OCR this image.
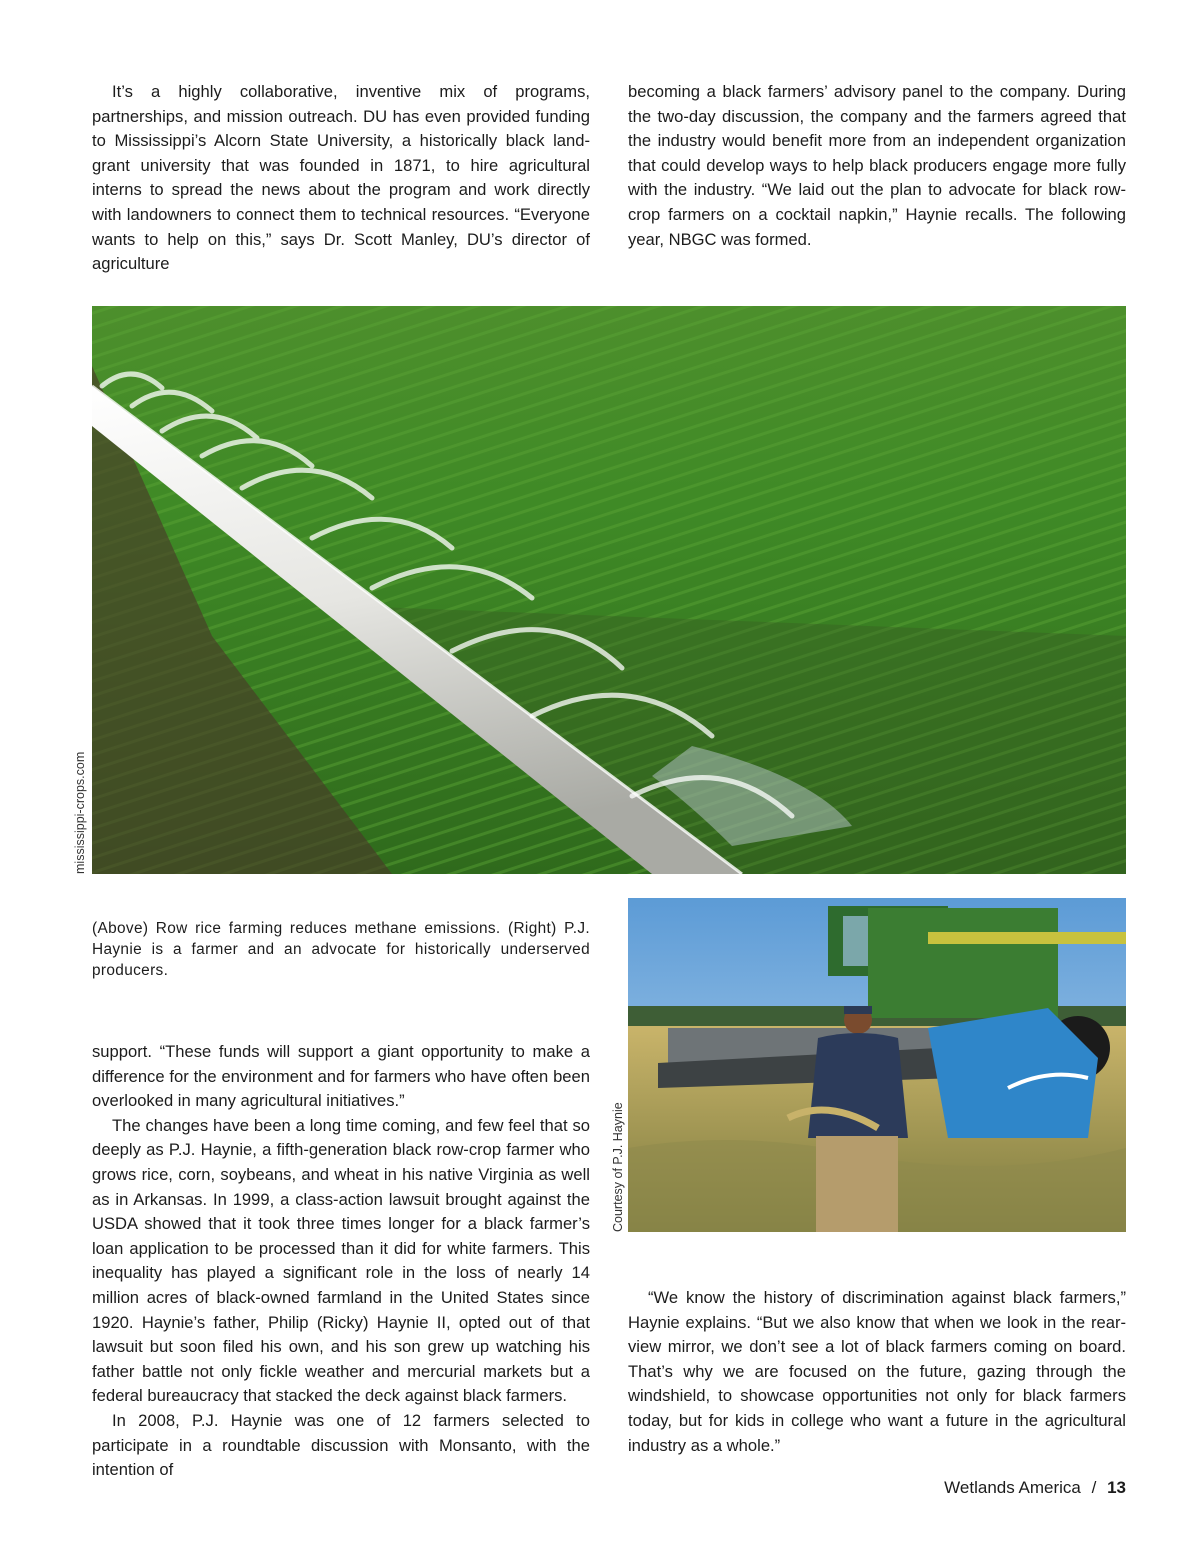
It’s a highly collaborative, inventive mix of programs, partnerships, and mission outreach. DU has even provided funding to Mississippi’s Alcorn State University, a historically black land-grant university that was founded in 1871, to hire agricultural interns to spread the news about the program and work directly with landowners to connect them to technical resources. “Everyone wants to help on this,” says Dr. Scott Manley, DU’s director of agriculture

becoming a black farmers’ advisory panel to the company. During the two-day discussion, the company and the farmers agreed that the industry would benefit more from an independent organization that could develop ways to help black producers engage more fully with the industry. “We laid out the plan to advocate for black row-crop farmers on a cocktail napkin,” Haynie recalls. The following year, NBGC was formed.

mississippi-crops.com
(Above) Row rice farming reduces methane emissions. (Right) P.J. Haynie is a farmer and an advocate for historically underserved producers.
Courtesy of P.J. Haynie

support. “These funds will support a giant opportunity to make a difference for the environment and for farmers who have often been overlooked in many agricultural initiatives.”

The changes have been a long time coming, and few feel that so deeply as P.J. Haynie, a fifth-generation black row-crop farmer who grows rice, corn, soybeans, and wheat in his native Virginia as well as in Arkansas. In 1999, a class-action lawsuit brought against the USDA showed that it took three times longer for a black farmer’s loan application to be processed than it did for white farmers. This inequality has played a significant role in the loss of nearly 14 million acres of black-owned farmland in the United States since 1920. Haynie’s father, Philip (Ricky) Haynie II, opted out of that lawsuit but soon filed his own, and his son grew up watching his father battle not only fickle weather and mercurial markets but a federal bureaucracy that stacked the deck against black farmers.

In 2008, P.J. Haynie was one of 12 farmers selected to participate in a roundtable discussion with Monsanto, with the intention of

“We know the history of discrimination against black farmers,” Haynie explains. “But we also know that when we look in the rear-view mirror, we don’t see a lot of black farmers coming on board. That’s why we are focused on the future, gazing through the windshield, to showcase opportunities not only for black farmers today, but for kids in college who want a future in the agricultural industry as a whole.”

Wetlands America / 13
